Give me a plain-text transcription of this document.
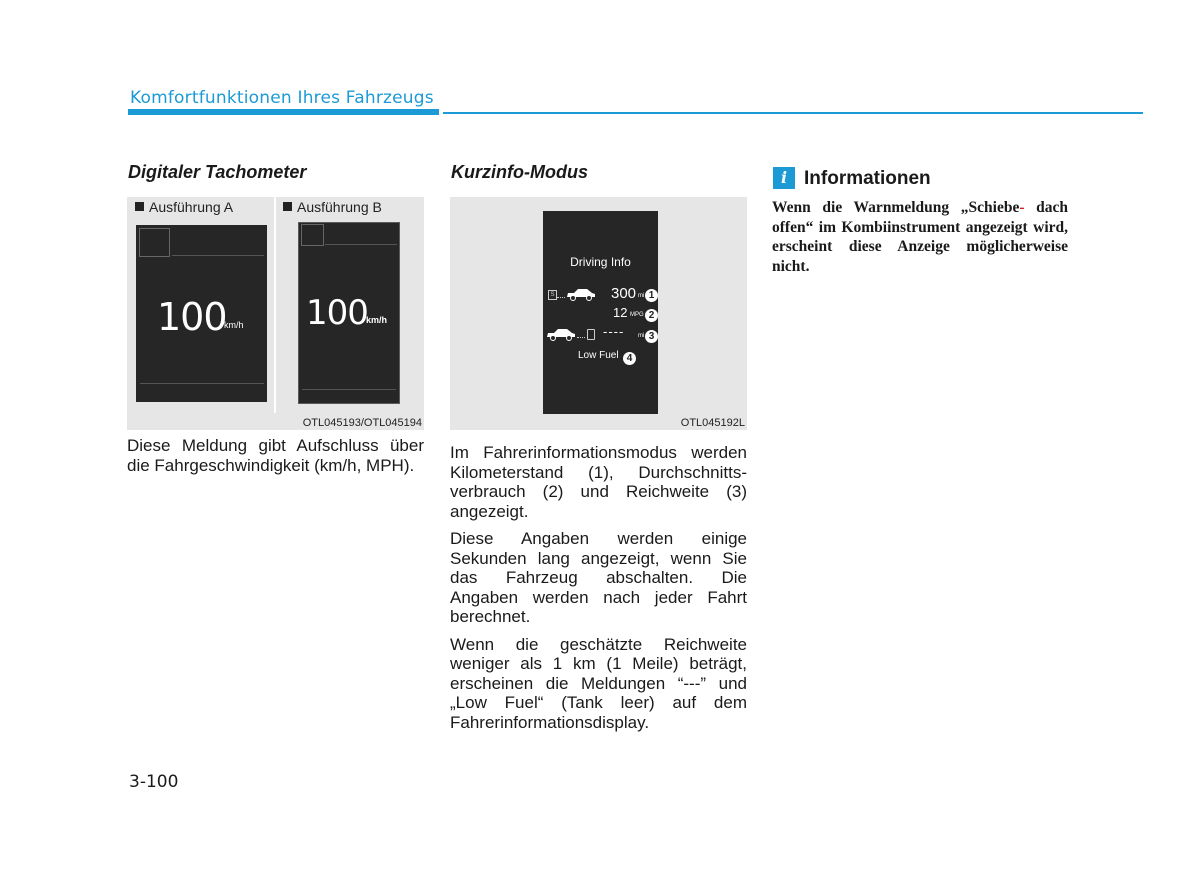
Komfortfunktionen Ihres Fahrzeugs
Digitaler Tachometer
Ausführung A	Ausführung B
100
km/h 100
km/h
OTL045193/OTL045194

Diese Meldung gibt Aufschluss über die Fahrgeschwindigkeit (km/h, MPH).

Kurzinfo-Modus
Driving Info
S	300 mi 1
12 MPG 2
---- mi 3
Low Fuel 4
OTL045192L

Im Fahrerinformationsmodus werden Kilometerstand (1), Durchschnitts-verbrauch (2) und Reichweite (3) angezeigt.

Diese Angaben werden einige Sekunden lang angezeigt, wenn Sie das Fahrzeug abschalten. Die Angaben werden nach jeder Fahrt berechnet.

Wenn die geschätzte Reichweite weniger als 1 km (1 Meile) beträgt, erscheinen die Meldungen “---” und „Low Fuel“ (Tank leer) auf dem Fahrerinformationsdisplay.

i Informationen
Wenn die Warnmeldung „Schiebe- dach offen“ im Kombiinstrument angezeigt wird, erscheint diese Anzeige möglicherweise nicht.
3-100
